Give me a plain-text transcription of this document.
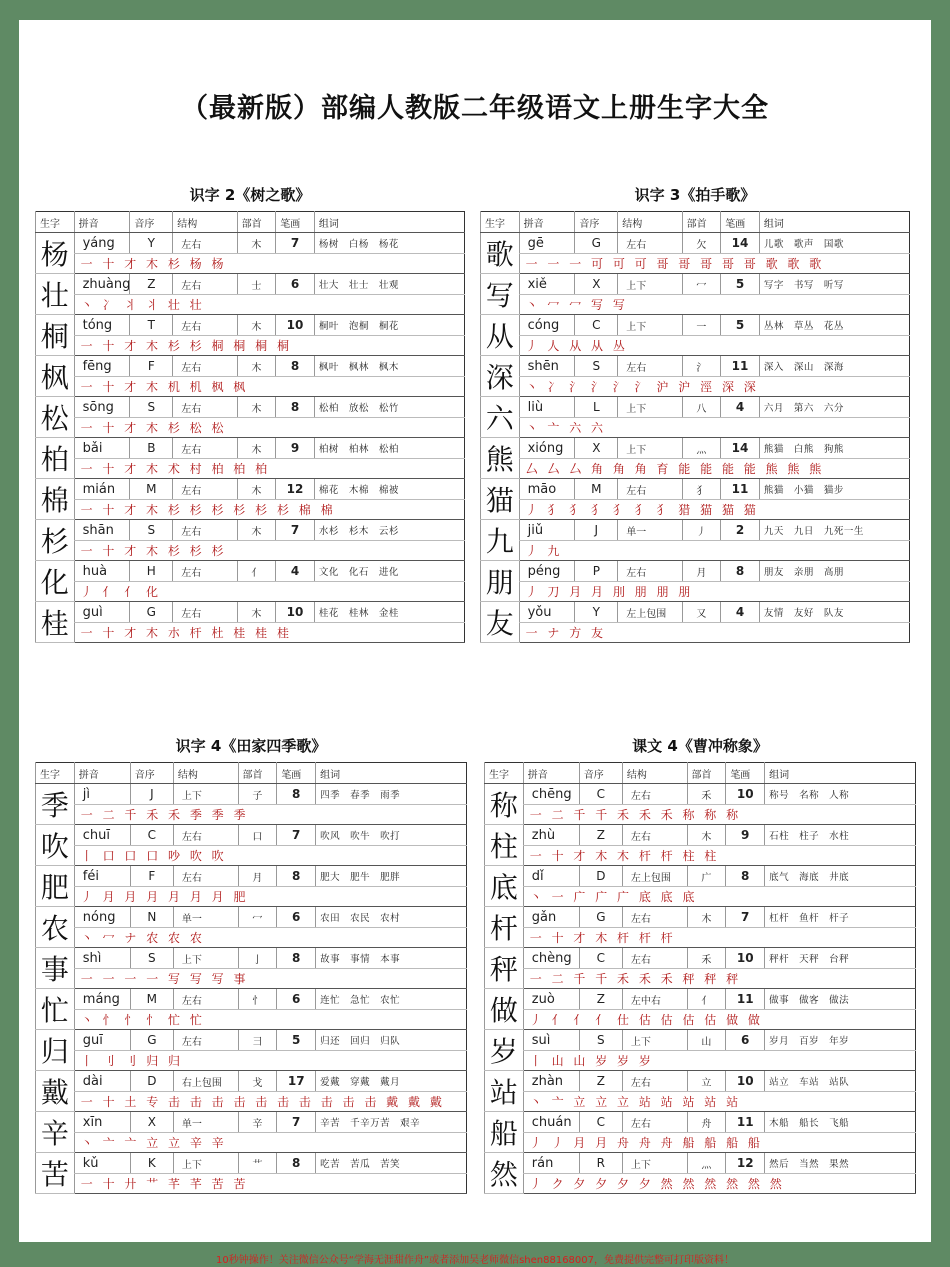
（最新版）部编人教版二年级语文上册生字大全
识字 2《树之歌》
生字	拼音	音序	结构	部首	笔画	组词
杨	yáng	Y	左右	木	7	杨树　白杨　杨花
	一 十 才 木 杉 杨 杨					
壮	zhuàng	Z	左右	士	6	壮大　壮士　壮观
	丶 冫 丬 丬 壮 壮					
桐	tóng	T	左右	木	10	桐叶　泡桐　桐花
	一 十 才 木 杉 杉 桐 桐 桐 桐					
枫	fēng	F	左右	木	8	枫叶　枫林　枫木
	一 十 才 木 机 机 枫 枫					
松	sōng	S	左右	木	8	松柏　放松　松竹
	一 十 才 木 杉 松 松					
柏	bǎi	B	左右	木	9	柏树　柏林　松柏
	一 十 才 木 术 村 柏 柏 柏					
棉	mián	M	左右	木	12	棉花　木棉　棉被
	一 十 才 木 杉 杉 杉 杉 杉 杉 棉 棉					
杉	shān	S	左右	木	7	水杉　杉木　云杉
	一 十 才 木 杉 杉 杉					
化	huà	H	左右	亻	4	文化　化石　进化
	丿 亻 亻 化					
桂	guì	G	左右	木	10	桂花　桂林　金桂
	一 十 才 木 朩 杆 杜 桂 桂 桂					
识字 3《拍手歌》
生字	拼音	音序	结构	部首	笔画	组词
歌	gē	G	左右	欠	14	儿歌　歌声　国歌
	一 一 一 可 可 可 哥 哥 哥 哥 哥 歌 歌 歌					
写	xiě	X	上下	冖	5	写字　书写　听写
	丶 冖 冖 写 写					
从	cóng	C	上下	一	5	丛林　草丛　花丛
	丿 人 从 从 丛					
深	shēn	S	左右	氵	11	深入　深山　深海
	丶 冫 氵 氵 氵 氵 沪 沪 涇 深 深					
六	liù	L	上下	八	4	六月　第六　六分
	丶 亠 六 六					
熊	xióng	X	上下	灬	14	熊猫　白熊　狗熊
	厶 厶 厶 角 角 角 育 能 能 能 能 熊 熊 熊					
猫	māo	M	左右	犭	11	熊猫　小猫　猫步
	丿 犭 犭 犭 犭 犭 犭 猎 猫 猫 猫					
九	jiǔ	J	单一	丿	2	九天　九日　九死一生
	丿 九					
朋	péng	P	左右	月	8	朋友　亲朋　高朋
	丿 刀 月 月 刖 朋 朋 朋					
友	yǒu	Y	左上包围	又	4	友情　友好　队友
	一 ナ 方 友					
识字 4《田家四季歌》
生字	拼音	音序	结构	部首	笔画	组词
季	jì	J	上下	子	8	四季　春季　雨季
	一 二 千 禾 禾 季 季 季					
吹	chuī	C	左右	口	7	吹风　吹牛　吹打
	丨 口 口 口 吵 吹 吹					
肥	féi	F	左右	月	8	肥大　肥牛　肥胖
	丿 月 月 月 月 月 月 肥					
农	nóng	N	单一	冖	6	农田　农民　农村
	丶 冖 ナ 农 农 农					
事	shì	S	上下	亅	8	故事　事情　本事
	一 一 一 一 写 写 写 事					
忙	máng	M	左右	忄	6	连忙　急忙　农忙
	丶 忄 忄 忄 忙 忙					
归	guī	G	左右	彐	5	归还　回归　归队
	丨 刂 刂 归 归					
戴	dài	D	右上包围	戈	17	爱戴　穿戴　戴月
	一 十 土 专 击 击 击 击 击 击 击 击 击 击 戴 戴 戴					
辛	xīn	X	单一	辛	7	辛苦　千辛万苦　艰辛
	丶 亠 亠 立 立 辛 辛					
苦	kǔ	K	上下	艹	8	吃苦　苦瓜　苦笑
	一 十 廾 艹 芊 芊 苦 苦					
课文 4《曹冲称象》
生字	拼音	音序	结构	部首	笔画	组词
称	chēng	C	左右	禾	10	称号　名称　人称
	一 二 千 千 禾 禾 禾 称 称 称					
柱	zhù	Z	左右	木	9	石柱　柱子　水柱
	一 十 才 木 木 杆 杆 柱 柱					
底	dǐ	D	左上包围	广	8	底气　海底　井底
	丶 一 广 广 广 底 底 底					
杆	gǎn	G	左右	木	7	杠杆　鱼杆　杆子
	一 十 才 木 杆 杆 杆					
秤	chèng	C	左右	禾	10	秤杆　天秤　台秤
	一 二 千 千 禾 禾 禾 秤 秤 秤					
做	zuò	Z	左中右	亻	11	做事　做客　做法
	丿 亻 亻 亻 仕 估 估 估 估 做 做					
岁	suì	S	上下	山	6	岁月　百岁　年岁
	丨 山 山 岁 岁 岁					
站	zhàn	Z	左右	立	10	站立　车站　站队
	丶 亠 立 立 立 站 站 站 站 站					
船	chuán	C	左右	舟	11	木船　船长　飞船
	丿 丿 月 月 舟 舟 舟 船 船 船 船					
然	rán	R	上下	灬	12	然后　当然　果然
	丿 ク 夕 夕 夕 夕 然 然 然 然 然 然					
10秒钟操作！关注微信公众号“学海无涯甜作舟”或者添加吴老师微信shen88168007，免费提供完整可打印版资料！
